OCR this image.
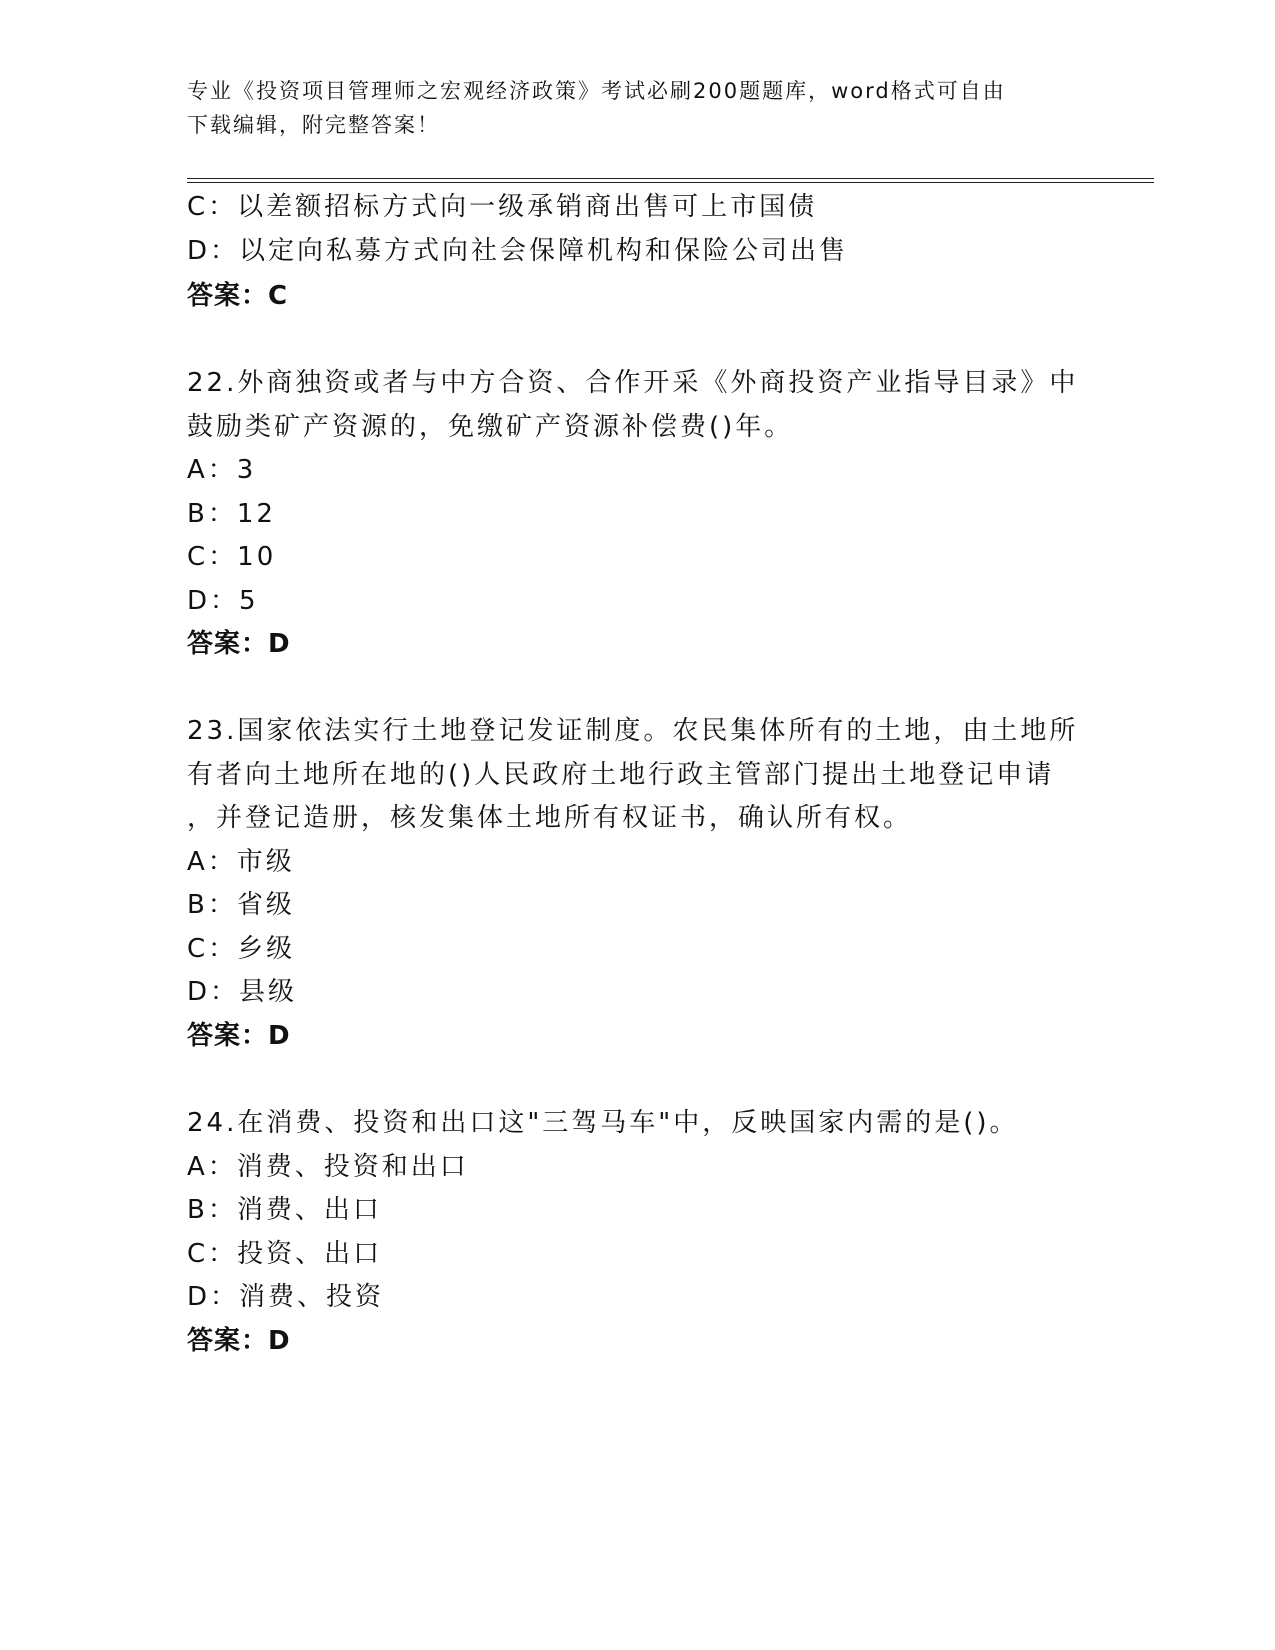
专业《投资项目管理师之宏观经济政策》考试必刷200题题库，word格式可自由
下载编辑，附完整答案！
C：以差额招标方式向一级承销商出售可上市国债
D：以定向私募方式向社会保障机构和保险公司出售
答案：C
22.外商独资或者与中方合资、合作开采《外商投资产业指导目录》中
鼓励类矿产资源的，免缴矿产资源补偿费()年。
A：3
B：12
C：10
D：5
答案：D
23.国家依法实行土地登记发证制度。农民集体所有的土地，由土地所
有者向土地所在地的()人民政府土地行政主管部门提出土地登记申请
，并登记造册，核发集体土地所有权证书，确认所有权。
A：市级
B：省级
C：乡级
D：县级
答案：D
24.在消费、投资和出口这"三驾马车"中，反映国家内需的是()。
A：消费、投资和出口
B：消费、出口
C：投资、出口
D：消费、投资
答案：D
